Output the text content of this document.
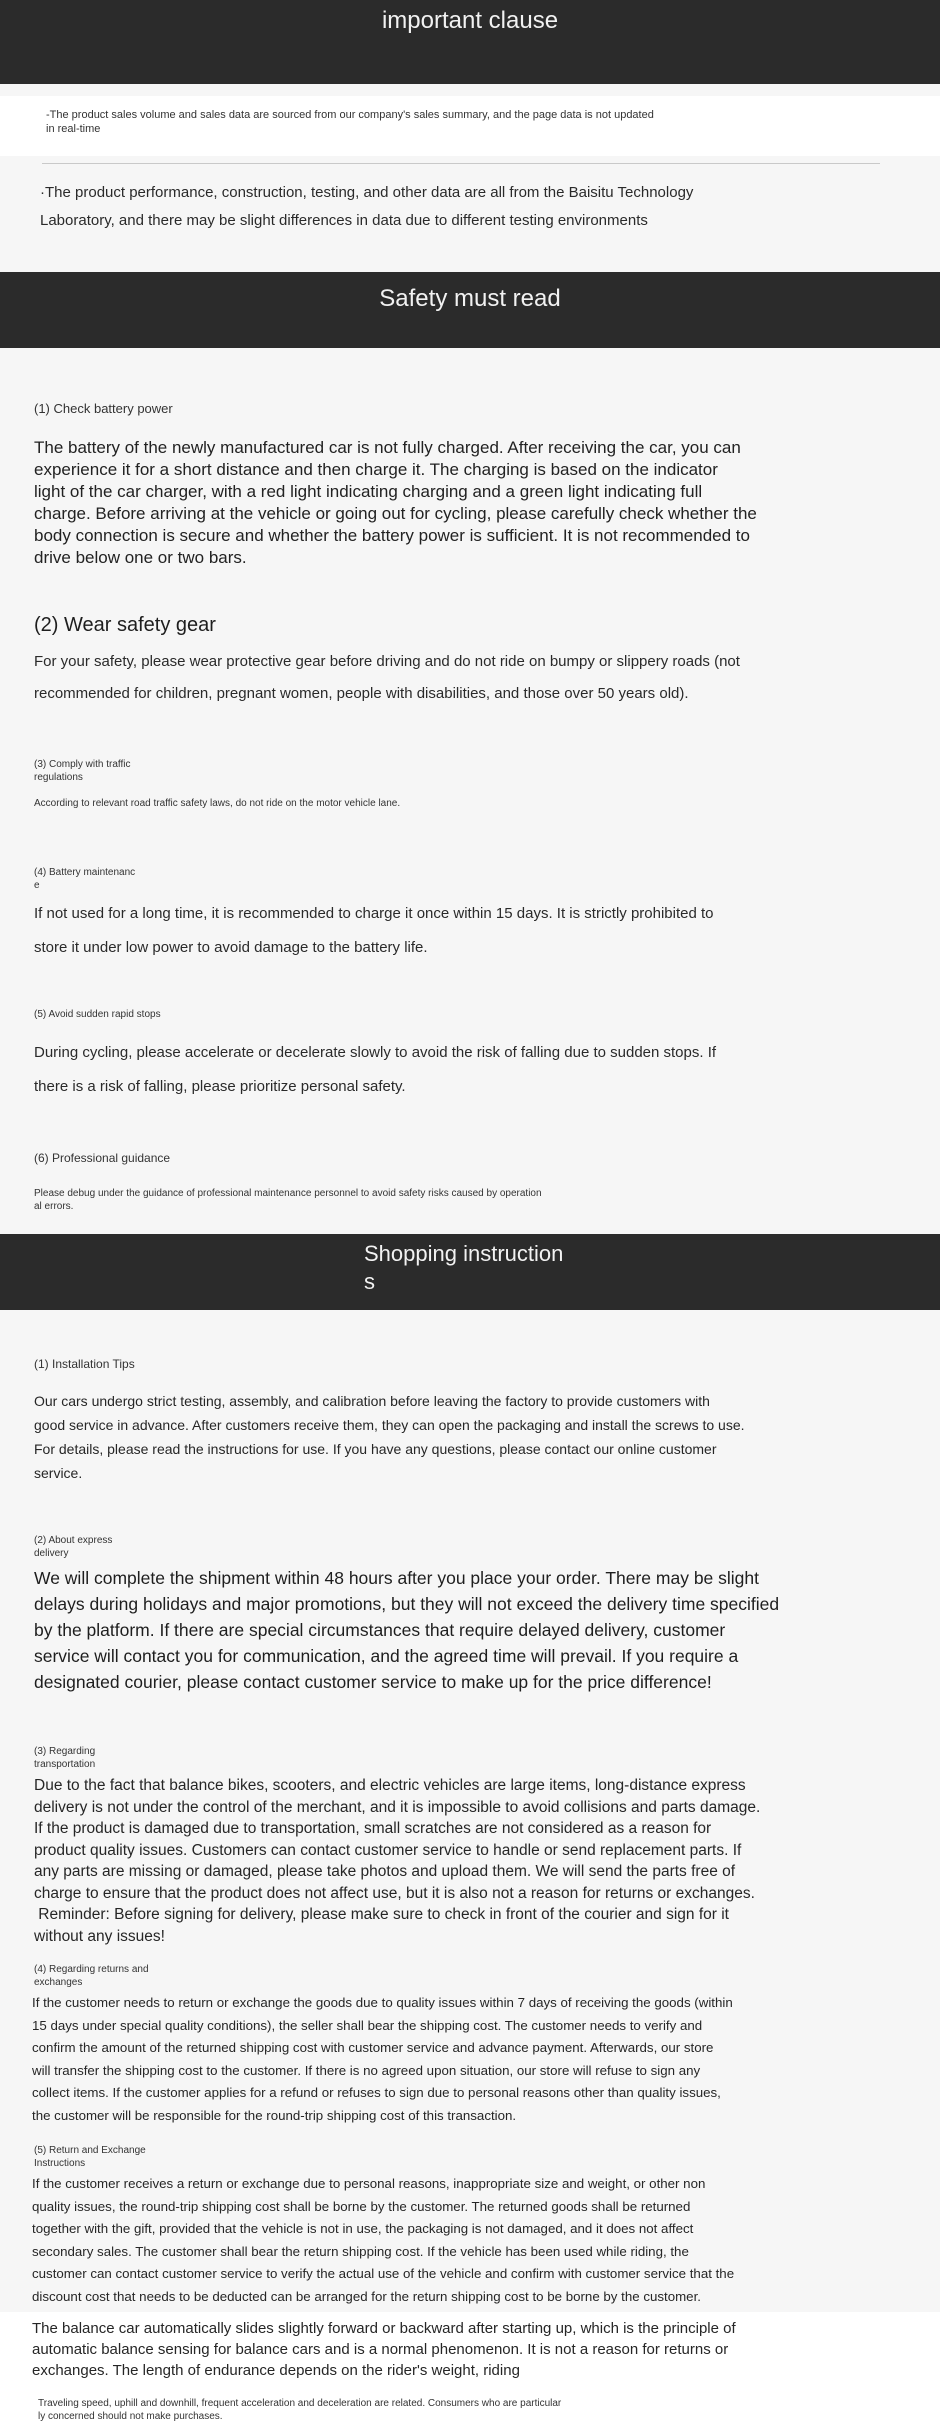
important clause
-The product sales volume and sales data are sourced from our company's sales summary, and the page data is not updated
in real-time
·The product performance, construction, testing, and other data are all from the Baisitu Technology
Laboratory, and there may be slight differences in data due to different testing environments
Safety must read
(1) Check battery power
The battery of the newly manufactured car is not fully charged. After receiving the car, you can
experience it for a short distance and then charge it. The charging is based on the indicator
light of the car charger, with a red light indicating charging and a green light indicating full
charge. Before arriving at the vehicle or going out for cycling, please carefully check whether the
body connection is secure and whether the battery power is sufficient. It is not recommended to
drive below one or two bars.
(2) Wear safety gear
For your safety, please wear protective gear before driving and do not ride on bumpy or slippery roads (not
recommended for children, pregnant women, people with disabilities, and those over 50 years old).
(3) Comply with traffic
regulations
According to relevant road traffic safety laws, do not ride on the motor vehicle lane.
(4) Battery maintenanc
e
If not used for a long time, it is recommended to charge it once within 15 days. It is strictly prohibited to
store it under low power to avoid damage to the battery life.
(5) Avoid sudden rapid stops
During cycling, please accelerate or decelerate slowly to avoid the risk of falling due to sudden stops. If
there is a risk of falling, please prioritize personal safety.
(6) Professional guidance
Please debug under the guidance of professional maintenance personnel to avoid safety risks caused by operation
al errors.
Shopping instruction
s
(1) Installation Tips
Our cars undergo strict testing, assembly, and calibration before leaving the factory to provide customers with
good service in advance. After customers receive them, they can open the packaging and install the screws to use.
For details, please read the instructions for use. If you have any questions, please contact our online customer
service.
(2) About express
delivery
We will complete the shipment within 48 hours after you place your order. There may be slight
delays during holidays and major promotions, but they will not exceed the delivery time specified
by the platform. If there are special circumstances that require delayed delivery, customer
service will contact you for communication, and the agreed time will prevail. If you require a
designated courier, please contact customer service to make up for the price difference!
(3) Regarding
transportation
Due to the fact that balance bikes, scooters, and electric vehicles are large items, long-distance express
delivery is not under the control of the merchant, and it is impossible to avoid collisions and parts damage.
If the product is damaged due to transportation, small scratches are not considered as a reason for
product quality issues. Customers can contact customer service to handle or send replacement parts. If
any parts are missing or damaged, please take photos and upload them. We will send the parts free of
charge to ensure that the product does not affect use, but it is also not a reason for returns or exchanges.
Reminder: Before signing for delivery, please make sure to check in front of the courier and sign for it
without any issues!
(4) Regarding returns and
exchanges
If the customer needs to return or exchange the goods due to quality issues within 7 days of receiving the goods (within
15 days under special quality conditions), the seller shall bear the shipping cost. The customer needs to verify and
confirm the amount of the returned shipping cost with customer service and advance payment. Afterwards, our store
will transfer the shipping cost to the customer. If there is no agreed upon situation, our store will refuse to sign any
collect items. If the customer applies for a refund or refuses to sign due to personal reasons other than quality issues,
the customer will be responsible for the round-trip shipping cost of this transaction.
(5) Return and Exchange
Instructions
If the customer receives a return or exchange due to personal reasons, inappropriate size and weight, or other non
quality issues, the round-trip shipping cost shall be borne by the customer. The returned goods shall be returned
together with the gift, provided that the vehicle is not in use, the packaging is not damaged, and it does not affect
secondary sales. The customer shall bear the return shipping cost. If the vehicle has been used while riding, the
customer can contact customer service to verify the actual use of the vehicle and confirm with customer service that the
discount cost that needs to be deducted can be arranged for the return shipping cost to be borne by the customer.
The balance car automatically slides slightly forward or backward after starting up, which is the principle of
automatic balance sensing for balance cars and is a normal phenomenon. It is not a reason for returns or
exchanges. The length of endurance depends on the rider's weight, riding
Traveling speed, uphill and downhill, frequent acceleration and deceleration are related. Consumers who are particular
ly concerned should not make purchases.
